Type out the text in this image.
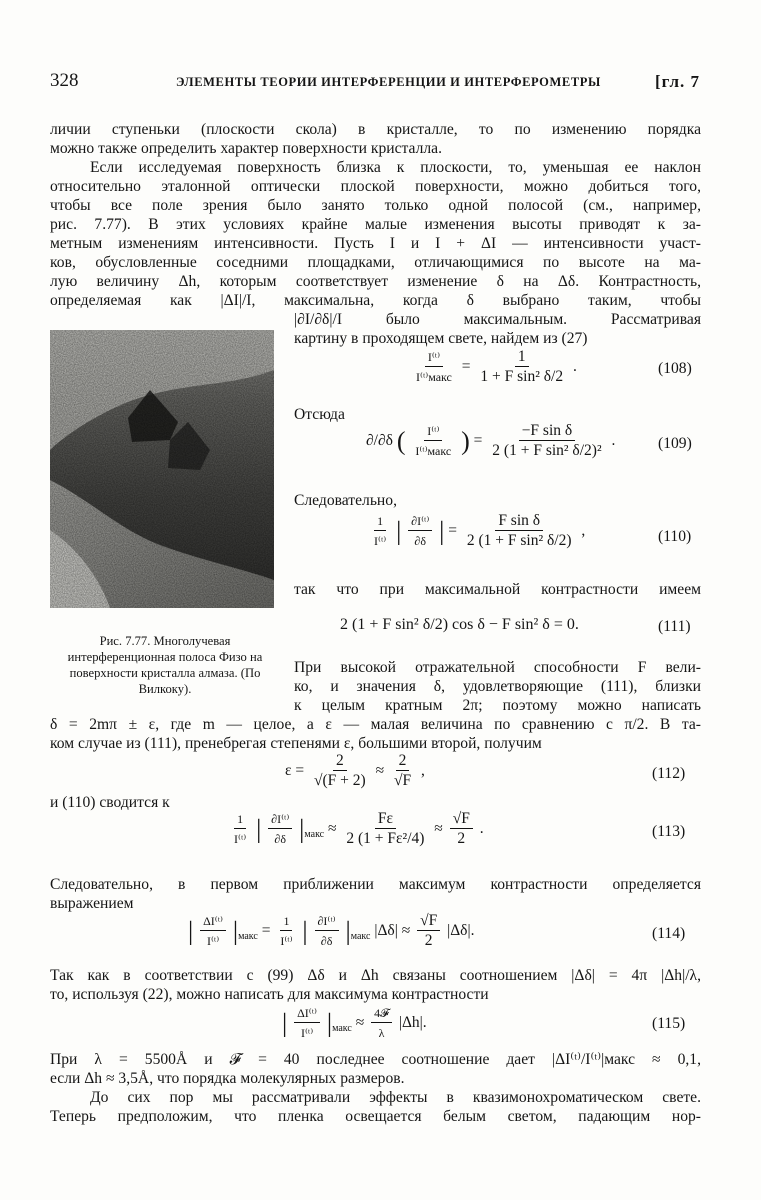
328	ЭЛЕМЕНТЫ ТЕОРИИ ИНТЕРФЕРЕНЦИИ И ИНТЕРФЕРОМЕТРЫ	[гл. 7
личии ступеньки (плоскости скола) в кристалле, то по изменению порядка
можно также определить характер поверхности кристалла.
Если исследуемая поверхность близка к плоскости, то, уменьшая ее наклон
относительно эталонной оптически плоской поверхности, можно добиться того,
чтобы все поле зрения было занято только одной полосой (см., например,
рис. 7.77). В этих условиях крайне малые изменения высоты приводят к за-
метным изменениям интенсивности. Пусть I и I + ΔI — интенсивности участ-
ков, обусловленные соседними площадками, отличающимися по высоте на ма-
лую величину Δh, которым соответствует изменение δ на Δδ. Контрастность,
определяемая как |ΔI|/I, максимальна, когда δ выбрано таким, чтобы
|∂I/∂δ|/I было максимальным. Рассматривая
картину в проходящем свете, найдем из (27)
$\frac{\text{I⁽ᵗ⁾}}{\text{I⁽ᵗ⁾макс}} = \frac{1}{\text{1 + F sin² δ/2}}$ .	(108)
Отсюда
∂/∂δ ( $\frac{\text{I⁽ᵗ⁾}}{\text{I⁽ᵗ⁾макс}}$ ) = $\frac{\text{−F sin δ}}{\text{2 (1 + F sin² δ/2)²}}$ .	(109)
Следовательно,
$\frac{1}{\text{I⁽ᵗ⁾}}$ | $\frac{\text{∂I⁽ᵗ⁾}}{\partial\delta}$ | = $\frac{\text{F sin δ}}{\text{2 (1 + F sin² δ/2)}}$ ,	(110)
так что при максимальной контрастности имеем
2 (1 + F sin² δ/2) cos δ − F sin² δ = 0.	(111)
Рис. 7.77. Многолучевая интерференционная полоса Физо на поверхности кристалла алмаза. (По Вилкоку).
При высокой отражательной способности F вели-
ко, и значения δ, удовлетворяющие (111), близки
к целым кратным 2π; поэтому можно написать
δ = 2mπ ± ε, где m — целое, а ε — малая величина по сравнению с π/2. В та-
ком случае из (111), пренебрегая степенями ε, большими второй, получим
$\varepsilon = \frac{2}{√(F + 2)} \approx \frac{2}{√F}$ ,	(112)
и (110) сводится к
$\frac{1}{\text{I⁽ᵗ⁾}}$ | $\frac{\text{∂I⁽ᵗ⁾}}{\partial\delta} |_{макс} \approx \frac{F\varepsilon}{\text{2 (1 + Fε²/4)}} \approx \frac{√F}{2}$ .	(113)
Следовательно, в первом приближении максимум контрастности определяется
выражением
| $\frac{\text{ΔI⁽ᵗ⁾}}{\text{I⁽ᵗ⁾}} |_{макс} = \frac{1}{\text{I⁽ᵗ⁾}}$ | $\frac{\text{∂I⁽ᵗ⁾}}{\partial\delta} |_{макс}$ $|\Delta\delta| \approx \frac{√F}{2} |\Delta\delta|$.	(114)
Так как в соответствии с (99) Δδ и Δh связаны соотношением |Δδ| = 4π |Δh|/λ,
то, используя (22), можно написать для максимума контрастности
| $\frac{\text{ΔI⁽ᵗ⁾}}{\text{I⁽ᵗ⁾}} |_{макс} \approx \frac{\text{4𝓕}}{\lambda} |\Delta h|$.	(115)
При λ = 5500Å и 𝓕 = 40 последнее соотношение дает |ΔI⁽ᵗ⁾/I⁽ᵗ⁾|макс ≈ 0,1,
если Δh ≈ 3,5Å, что порядка молекулярных размеров.
До сих пор мы рассматривали эффекты в квазимонохроматическом свете.
Теперь предположим, что пленка освещается белым светом, падающим нор-
